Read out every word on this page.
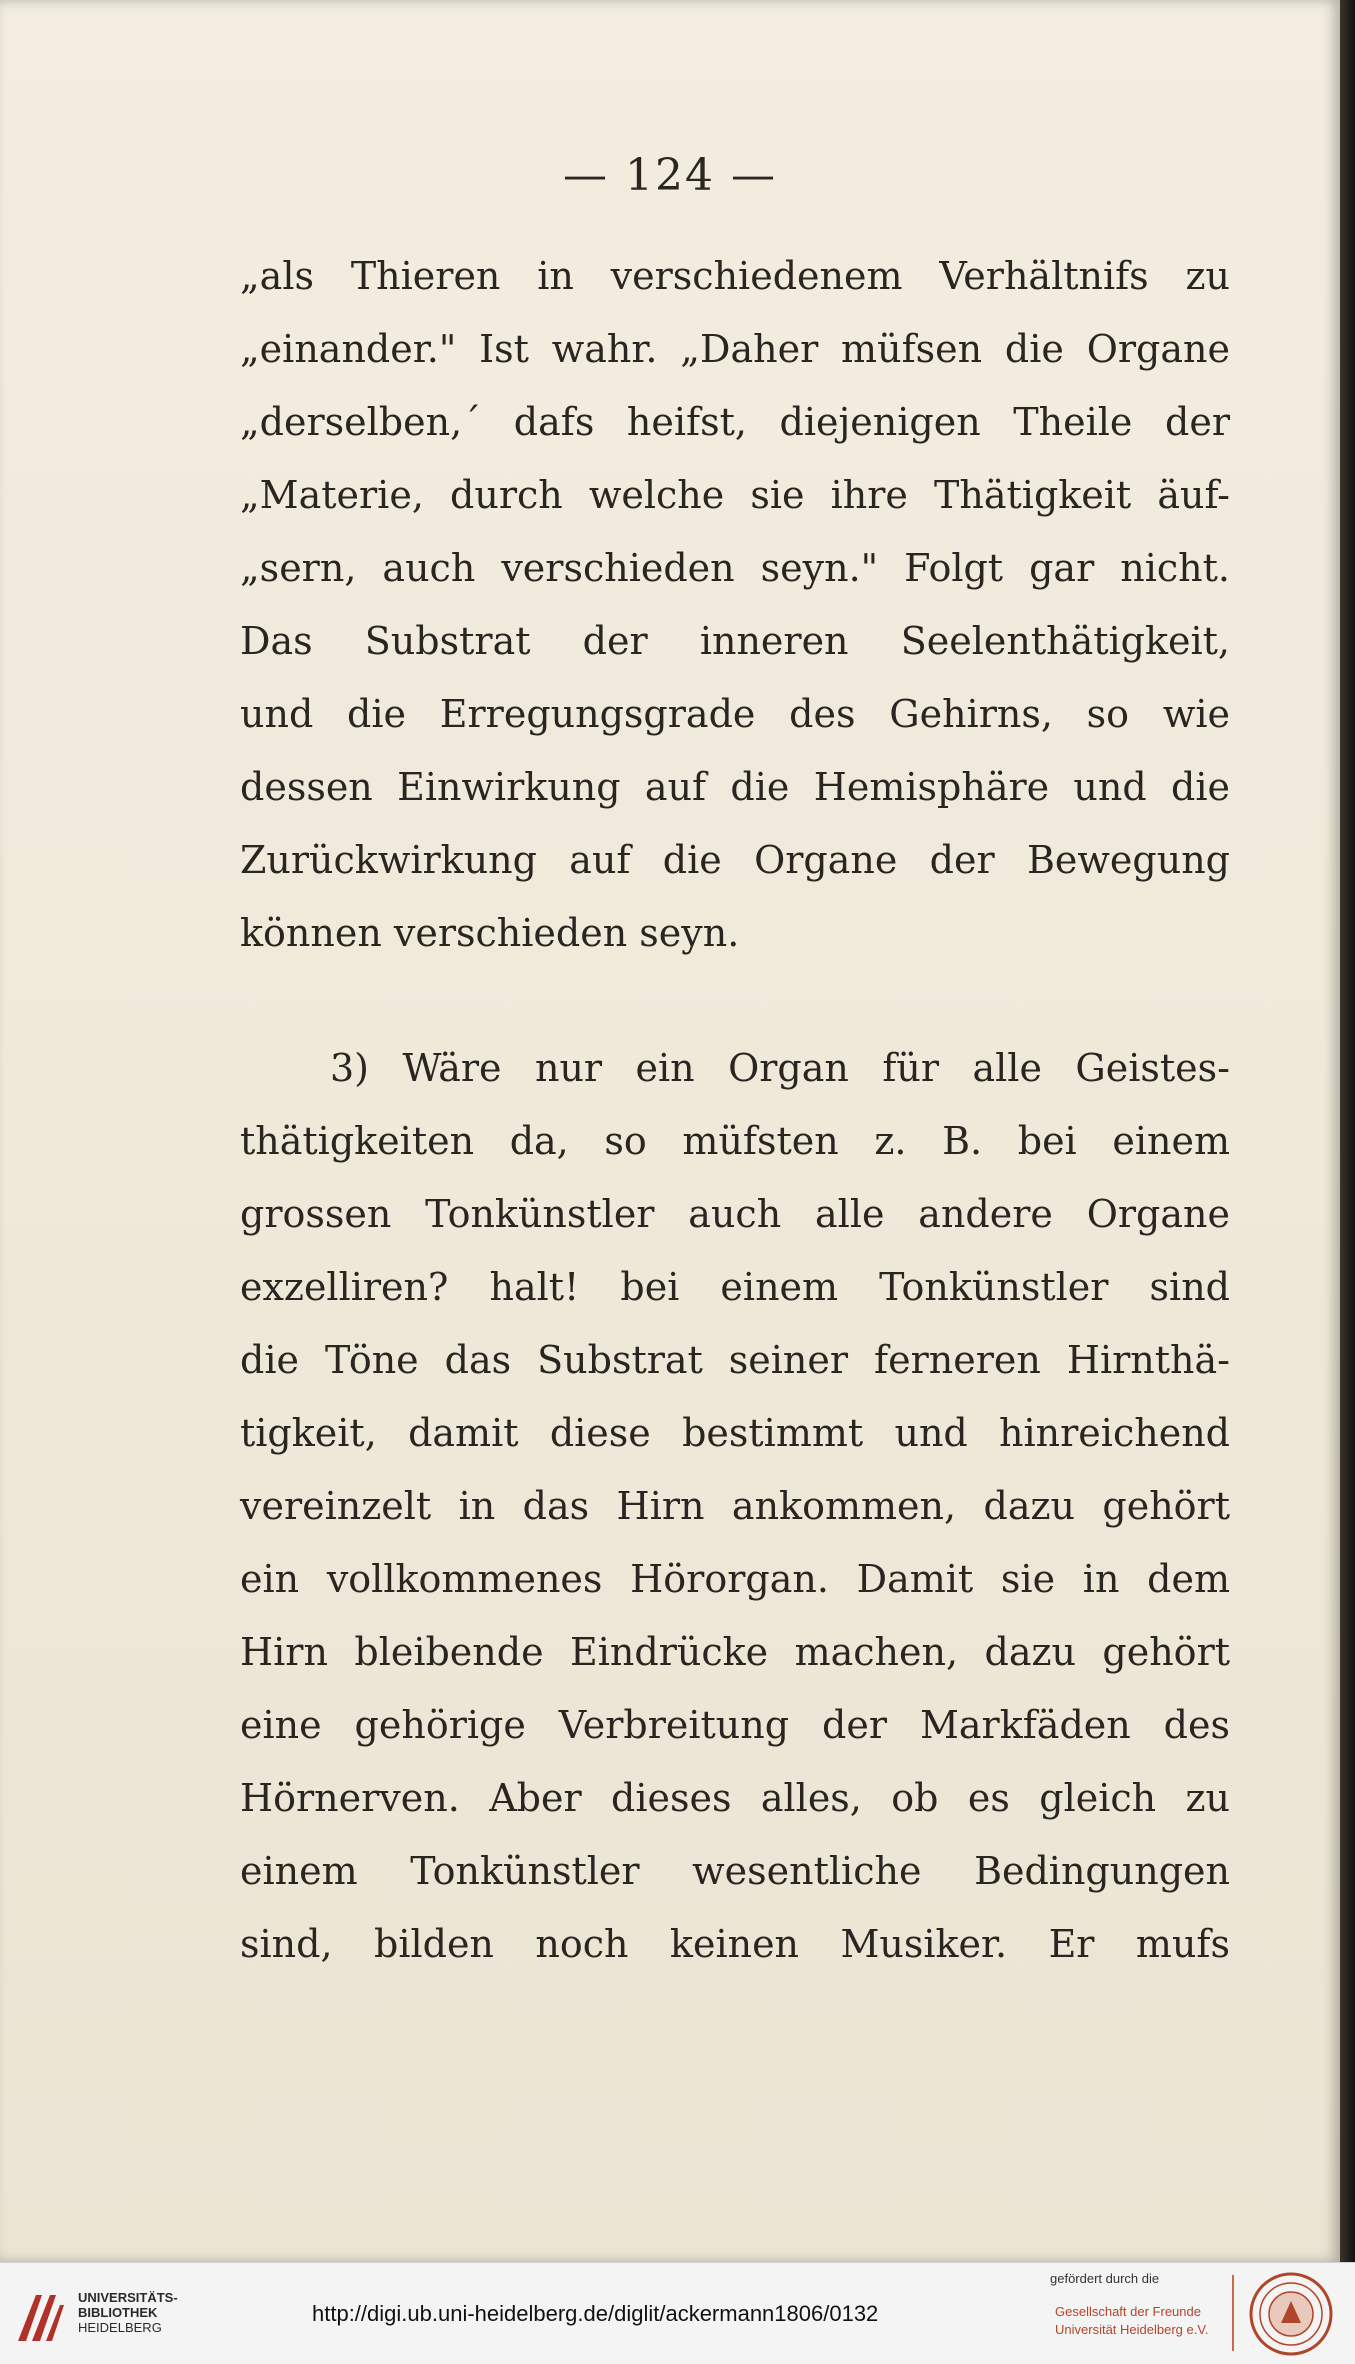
— 124 —
„als Thieren in verschiedenem Verhältnifs zu
„einander." Ist wahr. „Daher müfsen die Organe
„derselben,´ dafs heifst, diejenigen Theile der
„Materie, durch welche sie ihre Thätigkeit äuf-
„sern, auch verschieden seyn." Folgt gar nicht.
Das Substrat der inneren Seelenthätigkeit,
und die Erregungsgrade des Gehirns, so wie
dessen Einwirkung auf die Hemisphäre und die
Zurückwirkung auf die Organe der Bewegung
können verschieden seyn.
3) Wäre nur ein Organ für alle Geistes-
thätigkeiten da, so müfsten z. B. bei einem
grossen Tonkünstler auch alle andere Organe
exzelliren? halt! bei einem Tonkünstler sind
die Töne das Substrat seiner ferneren Hirnthä-
tigkeit, damit diese bestimmt und hinreichend
vereinzelt in das Hirn ankommen, dazu gehört
ein vollkommenes Hörorgan. Damit sie in dem
Hirn bleibende Eindrücke machen, dazu gehört
eine gehörige Verbreitung der Markfäden des
Hörnerven. Aber dieses alles, ob es gleich zu
einem Tonkünstler wesentliche Bedingungen
sind, bilden noch keinen Musiker. Er mufs
UNIVERSITÄTS-
BIBLIOTHEK
HEIDELBERG
http://digi.ub.uni-heidelberg.de/diglit/ackermann1806/0132
gefördert durch die
Gesellschaft der Freunde
Universität Heidelberg e.V.
